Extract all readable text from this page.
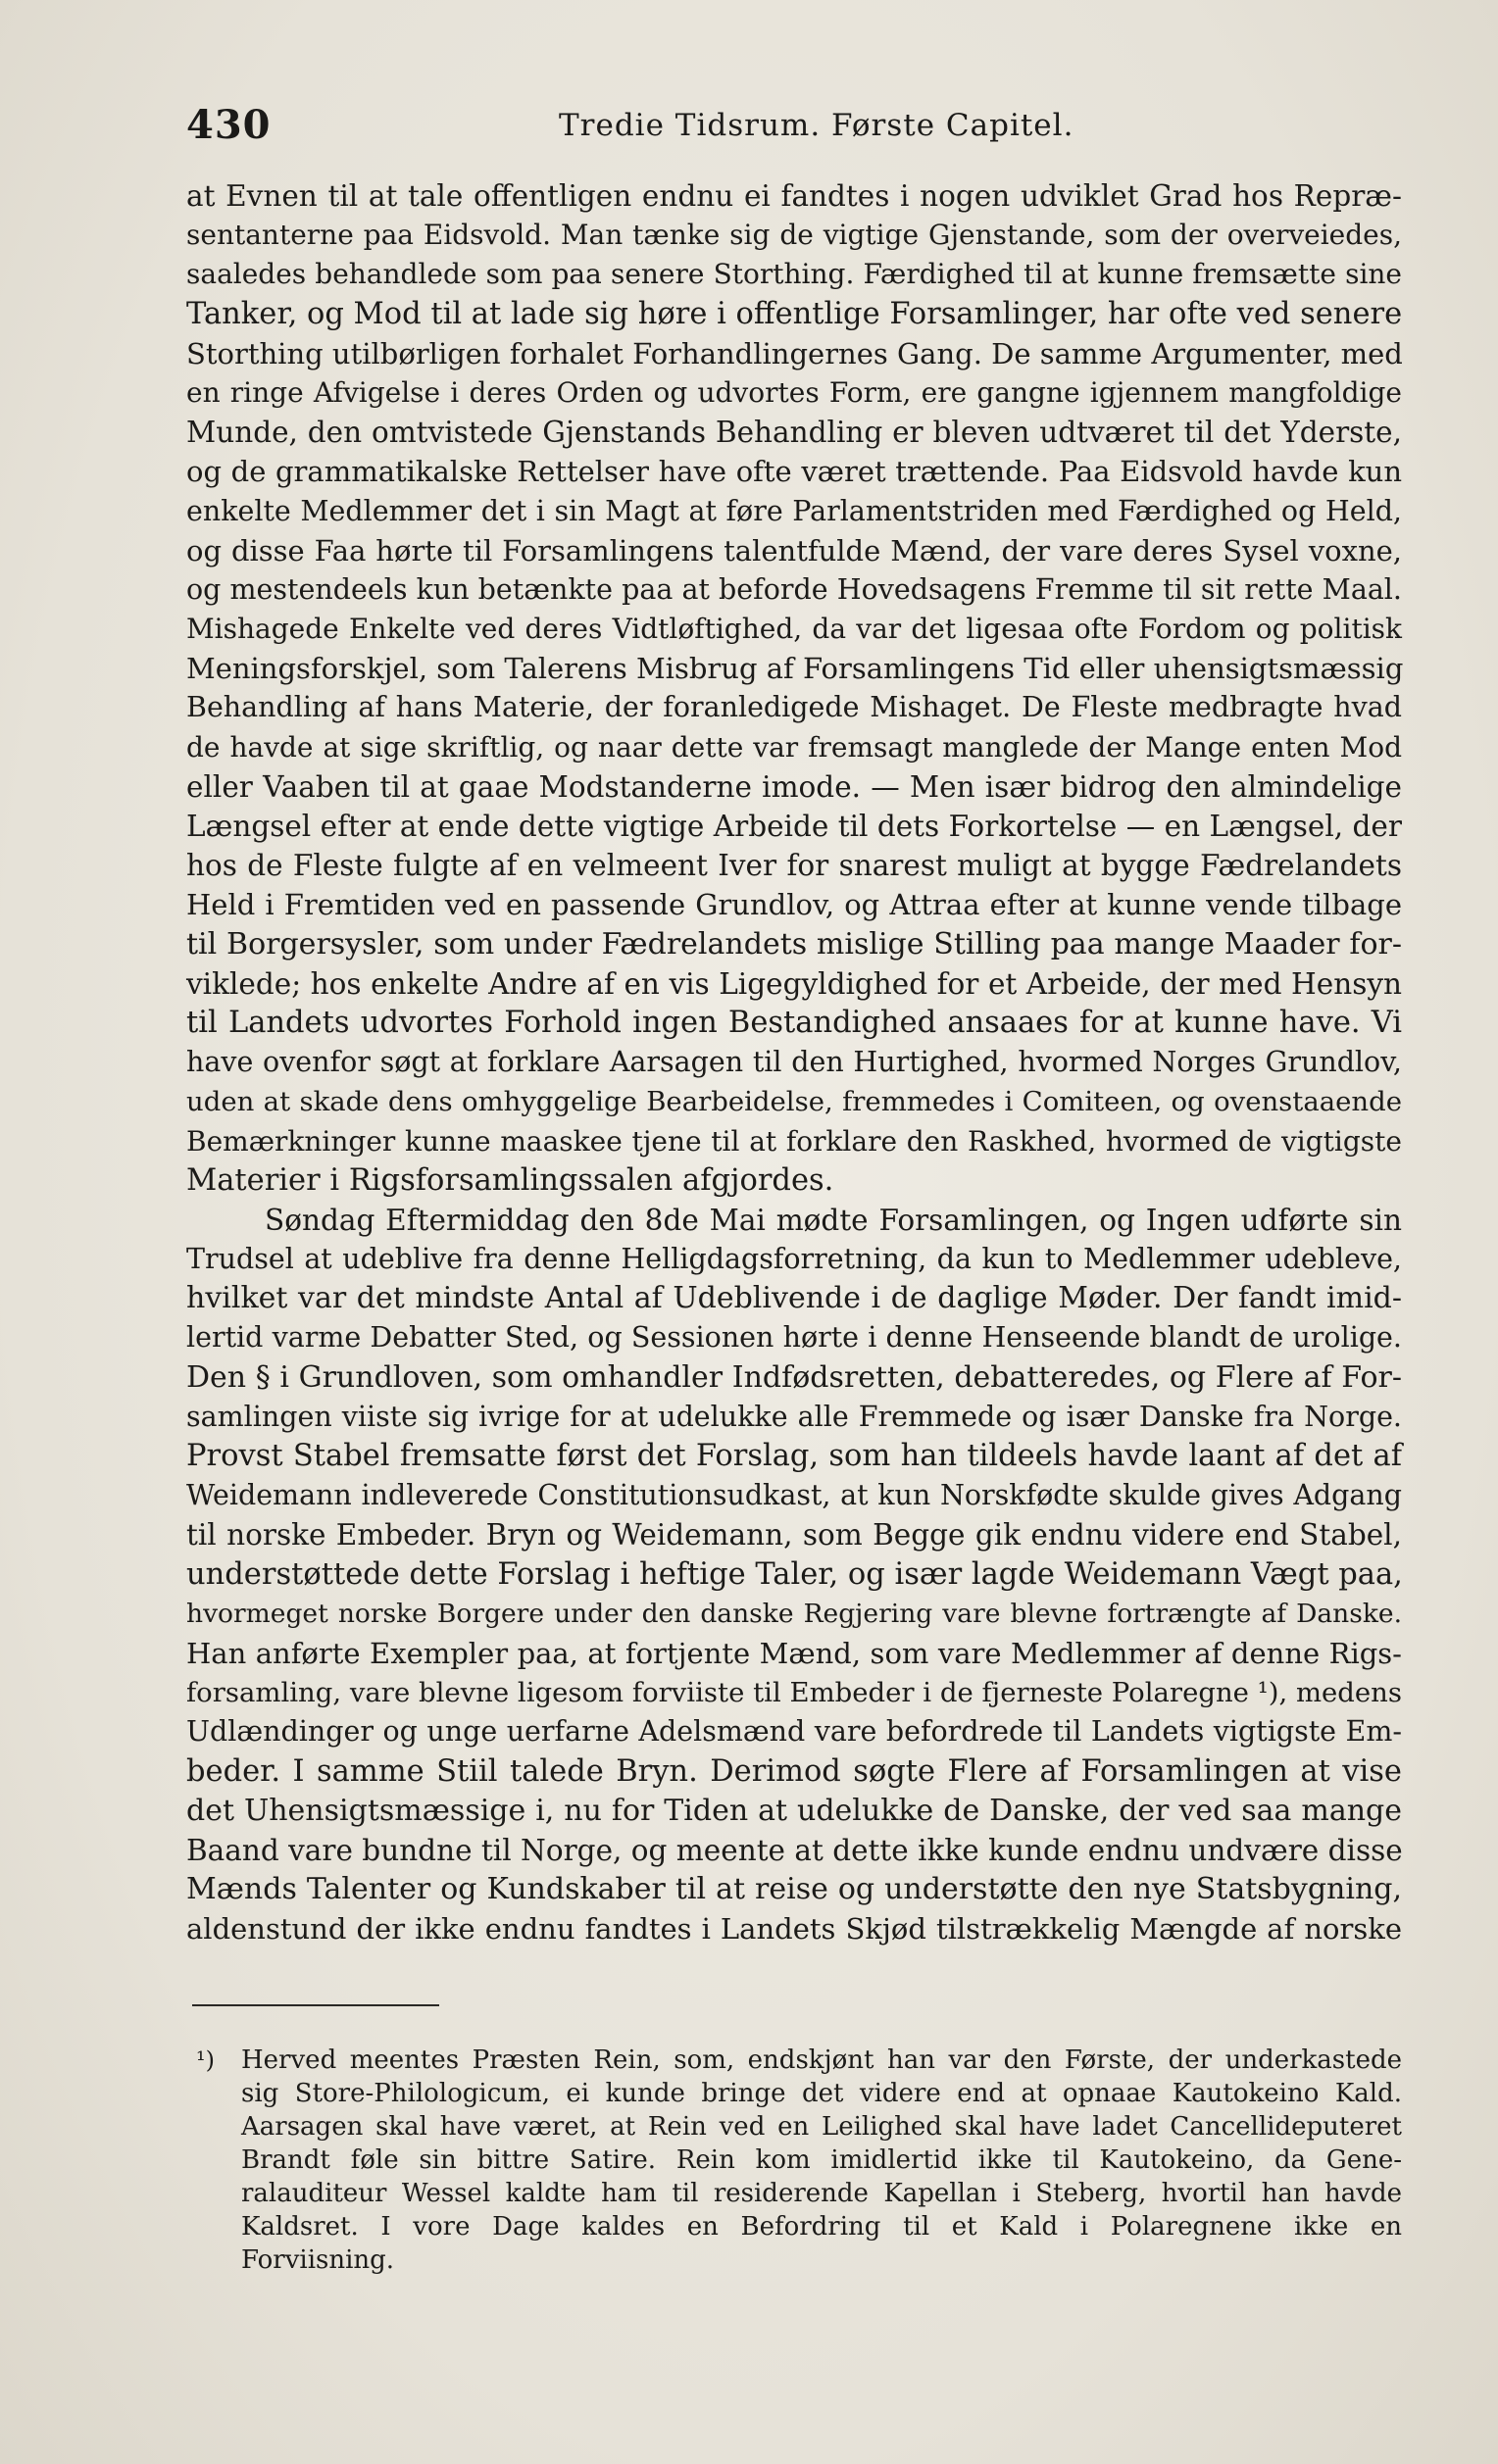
430	Tredie Tidsrum. Første Capitel.
at Evnen til at tale offentligen endnu ei fandtes i nogen udviklet Grad hos Repræ-
sentanterne paa Eidsvold. Man tænke sig de vigtige Gjenstande, som der overveiedes,
saaledes behandlede som paa senere Storthing. Færdighed til at kunne fremsætte sine
Tanker, og Mod til at lade sig høre i offentlige Forsamlinger, har ofte ved senere
Storthing utilbørligen forhalet Forhandlingernes Gang. De samme Argumenter, med
en ringe Afvigelse i deres Orden og udvortes Form, ere gangne igjennem mangfoldige
Munde, den omtvistede Gjenstands Behandling er bleven udtværet til det Yderste,
og de grammatikalske Rettelser have ofte været trættende. Paa Eidsvold havde kun
enkelte Medlemmer det i sin Magt at føre Parlamentstriden med Færdighed og Held,
og disse Faa hørte til Forsamlingens talentfulde Mænd, der vare deres Sysel voxne,
og mestendeels kun betænkte paa at beforde Hovedsagens Fremme til sit rette Maal.
Mishagede Enkelte ved deres Vidtløftighed, da var det ligesaa ofte Fordom og politisk
Meningsforskjel, som Talerens Misbrug af Forsamlingens Tid eller uhensigtsmæssig
Behandling af hans Materie, der foranledigede Mishaget. De Fleste medbragte hvad
de havde at sige skriftlig, og naar dette var fremsagt manglede der Mange enten Mod
eller Vaaben til at gaae Modstanderne imode. — Men især bidrog den almindelige
Længsel efter at ende dette vigtige Arbeide til dets Forkortelse — en Længsel, der
hos de Fleste fulgte af en velmeent Iver for snarest muligt at bygge Fædrelandets
Held i Fremtiden ved en passende Grundlov, og Attraa efter at kunne vende tilbage
til Borgersysler, som under Fædrelandets mislige Stilling paa mange Maader for-
viklede; hos enkelte Andre af en vis Ligegyldighed for et Arbeide, der med Hensyn
til Landets udvortes Forhold ingen Bestandighed ansaaes for at kunne have. Vi
have ovenfor søgt at forklare Aarsagen til den Hurtighed, hvormed Norges Grundlov,
uden at skade dens omhyggelige Bearbeidelse, fremmedes i Comiteen, og ovenstaaende
Bemærkninger kunne maaskee tjene til at forklare den Raskhed, hvormed de vigtigste
Materier i Rigsforsamlingssalen afgjordes.
Søndag Eftermiddag den 8de Mai mødte Forsamlingen, og Ingen udførte sin
Trudsel at udeblive fra denne Helligdagsforretning, da kun to Medlemmer udebleve,
hvilket var det mindste Antal af Udeblivende i de daglige Møder. Der fandt imid-
lertid varme Debatter Sted, og Sessionen hørte i denne Henseende blandt de urolige.
Den § i Grundloven, som omhandler Indfødsretten, debatteredes, og Flere af For-
samlingen viiste sig ivrige for at udelukke alle Fremmede og især Danske fra Norge.
Provst Stabel fremsatte først det Forslag, som han tildeels havde laant af det af
Weidemann indleverede Constitutionsudkast, at kun Norskfødte skulde gives Adgang
til norske Embeder. Bryn og Weidemann, som Begge gik endnu videre end Stabel,
understøttede dette Forslag i heftige Taler, og især lagde Weidemann Vægt paa,
hvormeget norske Borgere under den danske Regjering vare blevne fortrængte af Danske.
Han anførte Exempler paa, at fortjente Mænd, som vare Medlemmer af denne Rigs-
forsamling, vare blevne ligesom forviiste til Embeder i de fjerneste Polaregne ¹), medens
Udlændinger og unge uerfarne Adelsmænd vare befordrede til Landets vigtigste Em-
beder. I samme Stiil talede Bryn. Derimod søgte Flere af Forsamlingen at vise
det Uhensigtsmæssige i, nu for Tiden at udelukke de Danske, der ved saa mange
Baand vare bundne til Norge, og meente at dette ikke kunde endnu undvære disse
Mænds Talenter og Kundskaber til at reise og understøtte den nye Statsbygning,
aldenstund der ikke endnu fandtes i Landets Skjød tilstrækkelig Mængde af norske
¹) Herved meentes Præsten Rein, som, endskjønt han var den Første, der underkastede
sig Store-Philologicum, ei kunde bringe det videre end at opnaae Kautokeino Kald.
Aarsagen skal have været, at Rein ved en Leilighed skal have ladet Cancellideputeret
Brandt føle sin bittre Satire. Rein kom imidlertid ikke til Kautokeino, da Gene-
ralauditeur Wessel kaldte ham til residerende Kapellan i Steberg, hvortil han havde
Kaldsret. I vore Dage kaldes en Befordring til et Kald i Polaregnene ikke en
Forviisning.
